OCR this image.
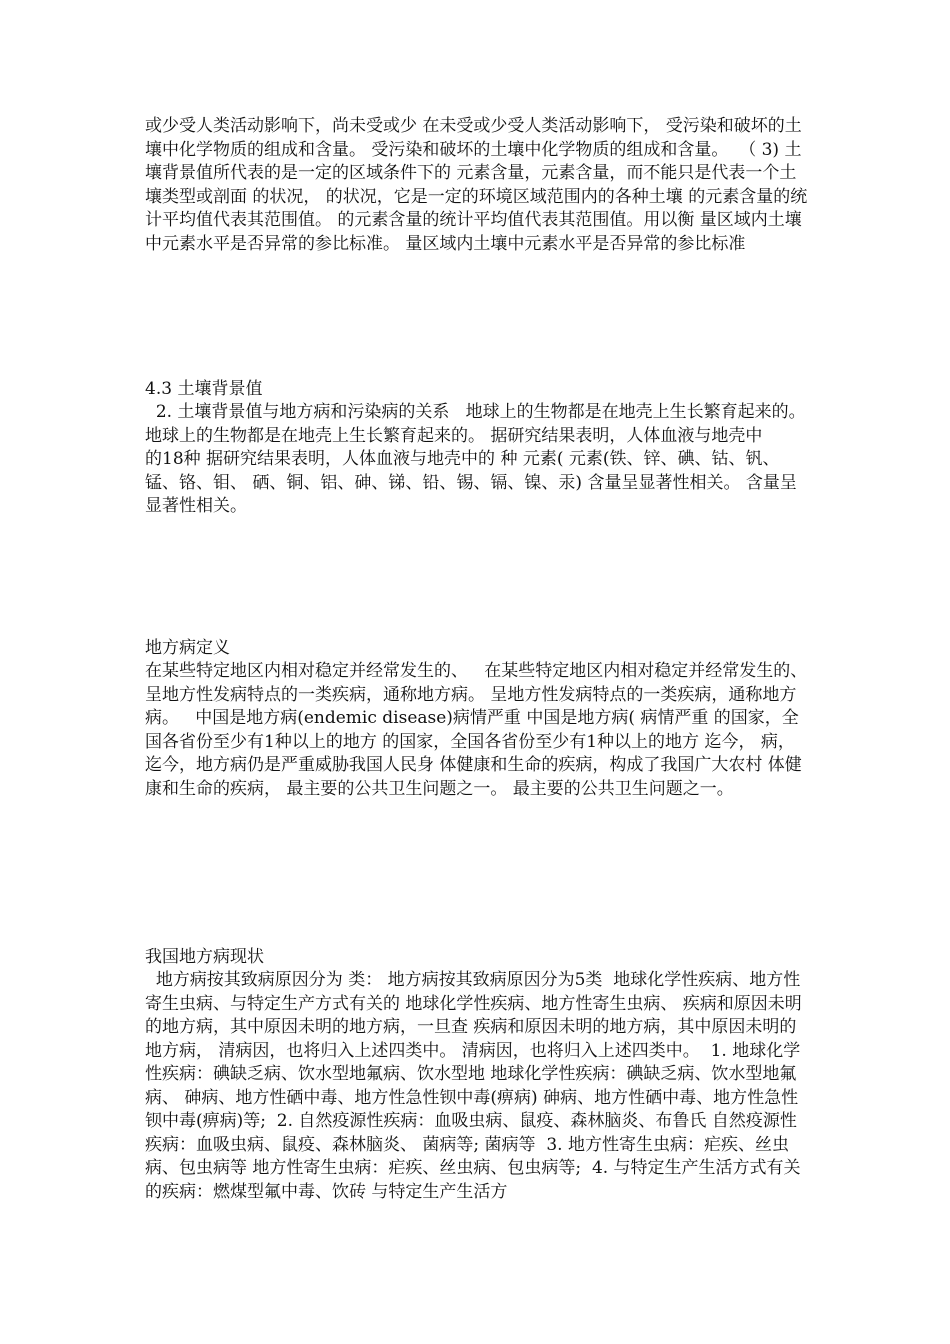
或少受人类活动影响下，尚未受或少 在未受或少受人类活动影响下， 受污染和破坏的土壤中化学物质的组成和含量。 受污染和破坏的土壤中化学物质的组成和含量。  （ 3) 土壤背景值所代表的是一定的区域条件下的 元素含量，元素含量，而不能只是代表一个土壤类型或剖面 的状况， 的状况，它是一定的环境区域范围内的各种土壤 的元素含量的统计平均值代表其范围值。 的元素含量的统计平均值代表其范围值。用以衡 量区域内土壤中元素水平是否异常的参比标准。 量区域内土壤中元素水平是否异常的参比标准

4.3 土壤背景值

2. 土壤背景值与地方病和污染病的关系   地球上的生物都是在地壳上生长繁育起来的。 地球上的生物都是在地壳上生长繁育起来的。 据研究结果表明，人体血液与地壳中
的18种 据研究结果表明，人体血液与地壳中的 种 元素( 元素(铁、锌、碘、钴、钒、锰、铬、钼、 硒、铜、铝、砷、锑、铅、锡、镉、镍、汞) 含量呈显著性相关。 含量呈显著性相关。

地方病定义

在某些特定地区内相对稳定并经常发生的、   在某些特定地区内相对稳定并经常发生的、 呈地方性发病特点的一类疾病，通称地方病。 呈地方性发病特点的一类疾病，通称地方病。   中国是地方病(endemic disease)病情严重 中国是地方病( 病情严重 的国家，全国各省份至少有1种以上的地方 的国家，全国各省份至少有1种以上的地方 迄今， 病，迄今，地方病仍是严重威胁我国人民身 体健康和生命的疾病，构成了我国广大农村 体健康和生命的疾病， 最主要的公共卫生问题之一。 最主要的公共卫生问题之一。

我国地方病现状

地方病按其致病原因分为 类： 地方病按其致病原因分为5类  地球化学性疾病、地方性寄生虫病、与特定生产方式有关的 地球化学性疾病、地方性寄生虫病、 疾病和原因未明的地方病，其中原因未明的地方病，一旦查 疾病和原因未明的地方病，其中原因未明的地方病， 清病因，也将归入上述四类中。 清病因，也将归入上述四类中。  1. 地球化学性疾病：碘缺乏病、饮水型地氟病、饮水型地 地球化学性疾病：碘缺乏病、饮水型地氟病、 砷病、地方性硒中毒、地方性急性钡中毒(痹病) 砷病、地方性硒中毒、地方性急性钡中毒(痹病)等;  2. 自然疫源性疾病：血吸虫病、鼠疫、森林脑炎、布鲁氏 自然疫源性疾病：血吸虫病、鼠疫、森林脑炎、 菌病等; 菌病等  3. 地方性寄生虫病：疟疾、丝虫病、包虫病等 地方性寄生虫病：疟疾、丝虫病、包虫病等;  4. 与特定生产生活方式有关的疾病：燃煤型氟中毒、饮砖 与特定生产生活方
